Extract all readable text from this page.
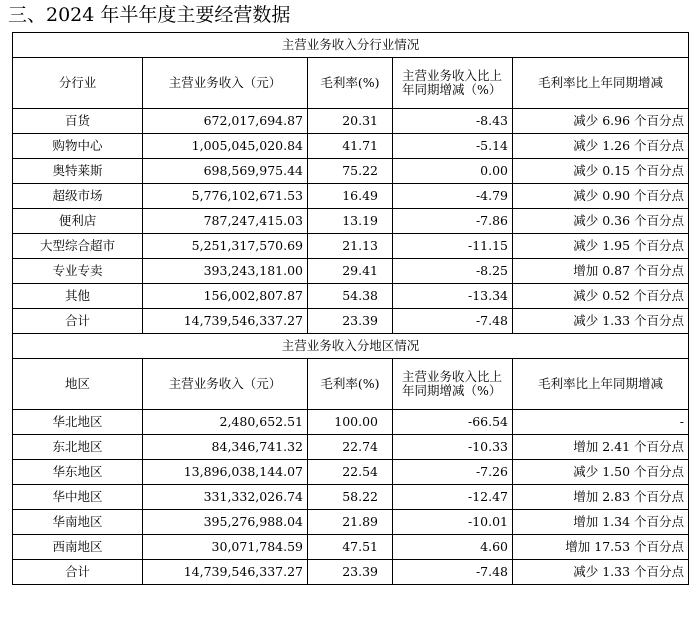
三、2024 年半年度主要经营数据
主营业务收入分行业情况				
分行业	主营业务收入（元）	毛利率(%)	主营业务收入比上年同期增减（%）	毛利率比上年同期增减
百货	672,017,694.87	20.31	-8.43	减少 6.96 个百分点
购物中心	1,005,045,020.84	41.71	-5.14	减少 1.26 个百分点
奥特莱斯	698,569,975.44	75.22	0.00	减少 0.15 个百分点
超级市场	5,776,102,671.53	16.49	-4.79	减少 0.90 个百分点
便利店	787,247,415.03	13.19	-7.86	减少 0.36 个百分点
大型综合超市	5,251,317,570.69	21.13	-11.15	减少 1.95 个百分点
专业专卖	393,243,181.00	29.41	-8.25	增加 0.87 个百分点
其他	156,002,807.87	54.38	-13.34	减少 0.52 个百分点
合计	14,739,546,337.27	23.39	-7.48	减少 1.33 个百分点
主营业务收入分地区情况				
地区	主营业务收入（元）	毛利率(%)	主营业务收入比上年同期增减（%）	毛利率比上年同期增减
华北地区	2,480,652.51	100.00	-66.54	-
东北地区	84,346,741.32	22.74	-10.33	增加 2.41 个百分点
华东地区	13,896,038,144.07	22.54	-7.26	减少 1.50 个百分点
华中地区	331,332,026.74	58.22	-12.47	增加 2.83 个百分点
华南地区	395,276,988.04	21.89	-10.01	增加 1.34 个百分点
西南地区	30,071,784.59	47.51	4.60	增加 17.53 个百分点
合计	14,739,546,337.27	23.39	-7.48	减少 1.33 个百分点
